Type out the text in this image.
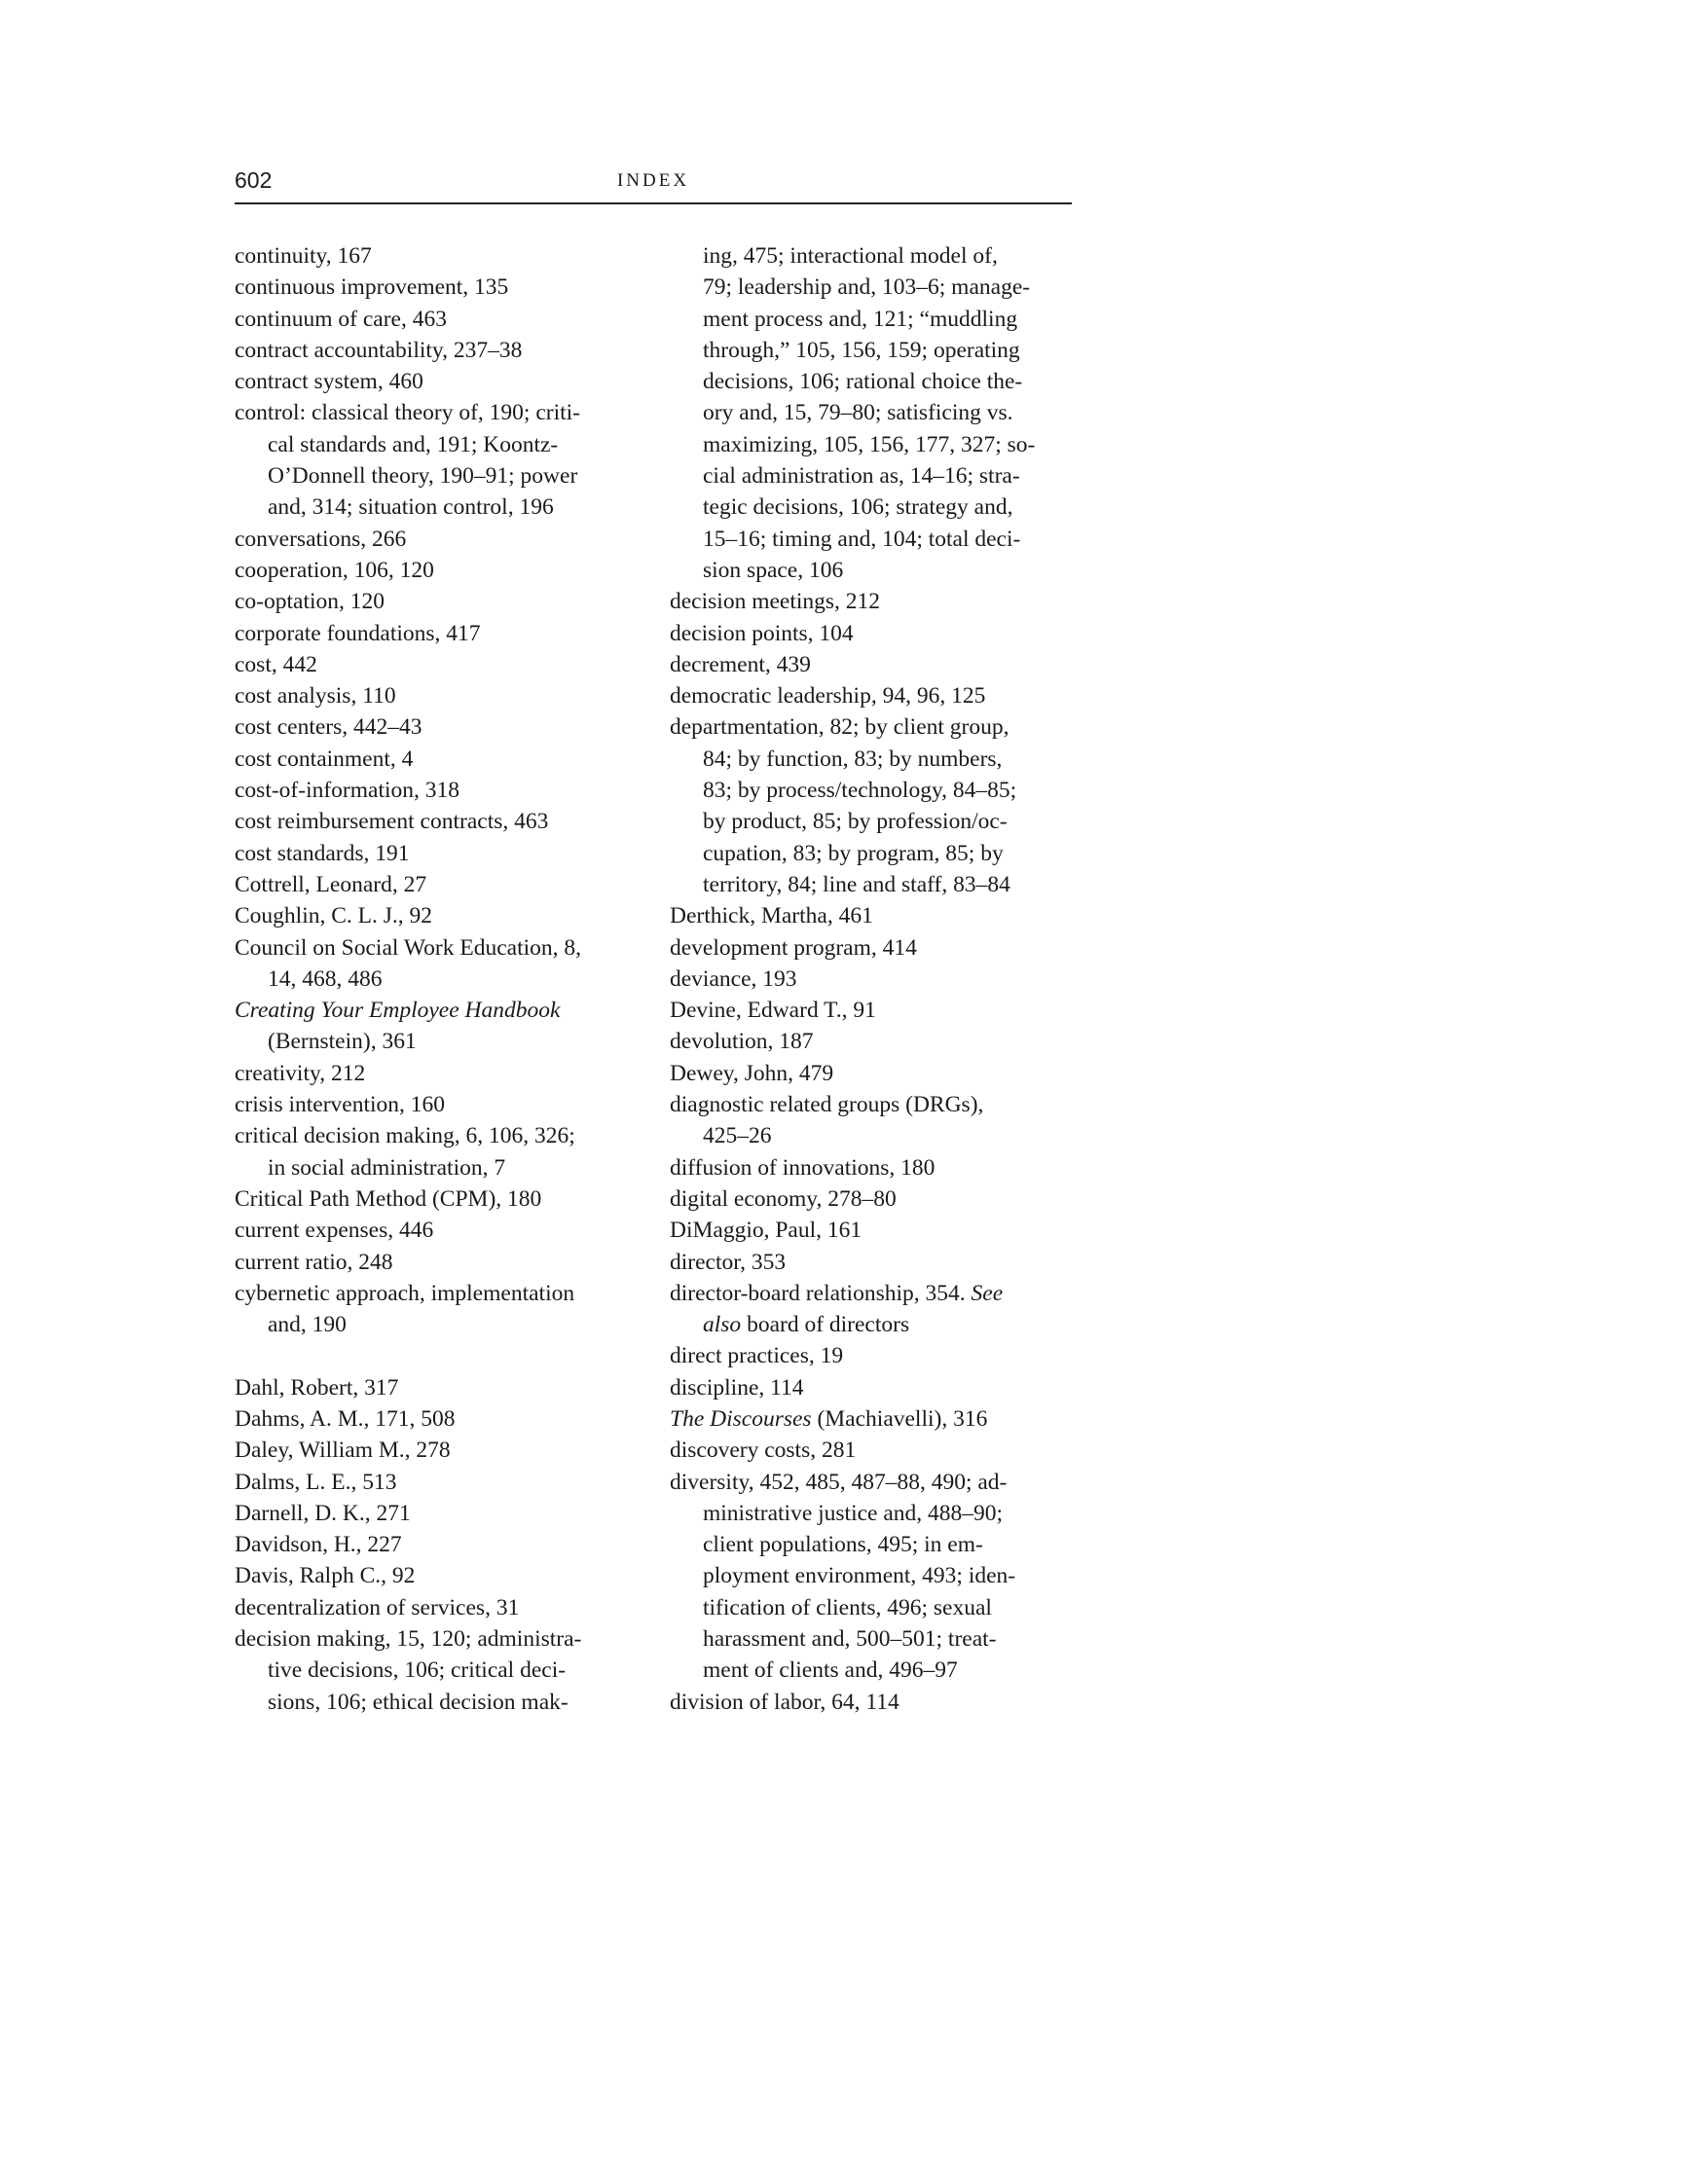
602	INDEX
continuity, 167
continuous improvement, 135
continuum of care, 463
contract accountability, 237–38
contract system, 460
control: classical theory of, 190; criti-
cal standards and, 191; Koontz-
O’Donnell theory, 190–91; power
and, 314; situation control, 196
conversations, 266
cooperation, 106, 120
co-optation, 120
corporate foundations, 417
cost, 442
cost analysis, 110
cost centers, 442–43
cost containment, 4
cost-of-information, 318
cost reimbursement contracts, 463
cost standards, 191
Cottrell, Leonard, 27
Coughlin, C. L. J., 92
Council on Social Work Education, 8,
14, 468, 486
Creating Your Employee Handbook
(Bernstein), 361
creativity, 212
crisis intervention, 160
critical decision making, 6, 106, 326;
in social administration, 7
Critical Path Method (CPM), 180
current expenses, 446
current ratio, 248
cybernetic approach, implementation
and, 190
Dahl, Robert, 317
Dahms, A. M., 171, 508
Daley, William M., 278
Dalms, L. E., 513
Darnell, D. K., 271
Davidson, H., 227
Davis, Ralph C., 92
decentralization of services, 31
decision making, 15, 120; administra-
tive decisions, 106; critical deci-
sions, 106; ethical decision mak-
ing, 475; interactional model of,
79; leadership and, 103–6; manage-
ment process and, 121; “muddling
through,” 105, 156, 159; operating
decisions, 106; rational choice the-
ory and, 15, 79–80; satisficing vs.
maximizing, 105, 156, 177, 327; so-
cial administration as, 14–16; stra-
tegic decisions, 106; strategy and,
15–16; timing and, 104; total deci-
sion space, 106
decision meetings, 212
decision points, 104
decrement, 439
democratic leadership, 94, 96, 125
departmentation, 82; by client group,
84; by function, 83; by numbers,
83; by process/technology, 84–85;
by product, 85; by profession/oc-
cupation, 83; by program, 85; by
territory, 84; line and staff, 83–84
Derthick, Martha, 461
development program, 414
deviance, 193
Devine, Edward T., 91
devolution, 187
Dewey, John, 479
diagnostic related groups (DRGs),
425–26
diffusion of innovations, 180
digital economy, 278–80
DiMaggio, Paul, 161
director, 353
director-board relationship, 354. See
also board of directors
direct practices, 19
discipline, 114
The Discourses (Machiavelli), 316
discovery costs, 281
diversity, 452, 485, 487–88, 490; ad-
ministrative justice and, 488–90;
client populations, 495; in em-
ployment environment, 493; iden-
tification of clients, 496; sexual
harassment and, 500–501; treat-
ment of clients and, 496–97
division of labor, 64, 114
